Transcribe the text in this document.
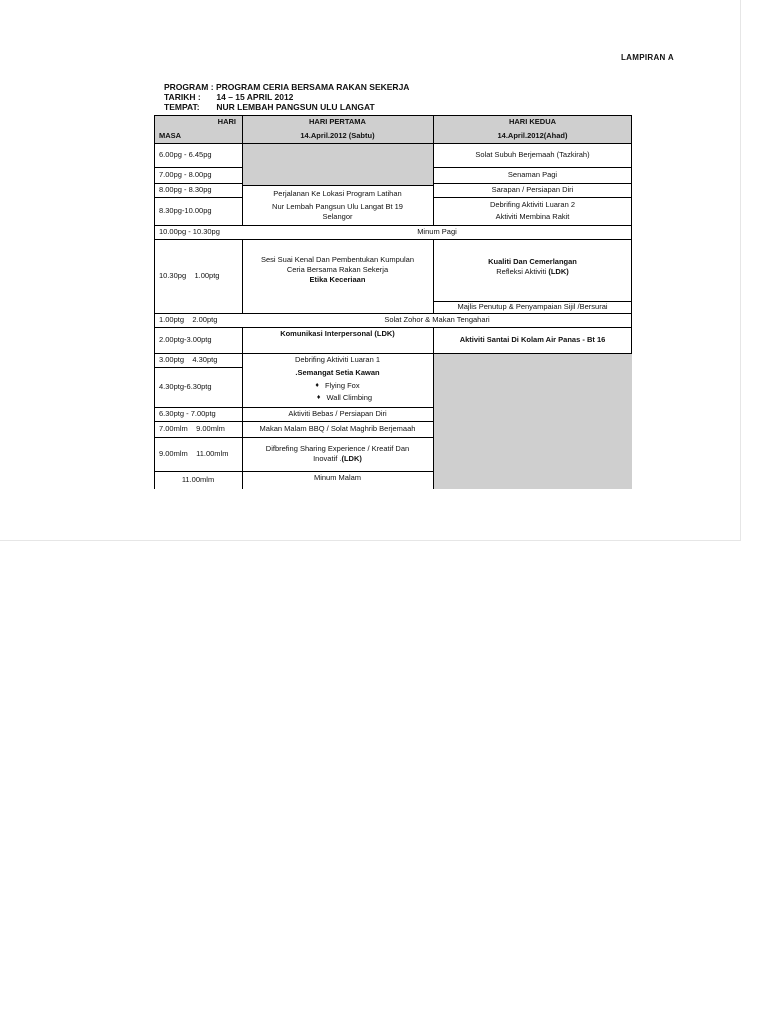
LAMPIRAN A
PROGRAM : PROGRAM CERIA BERSAMA RAKAN SEKERJA
TARIKH : 14 – 15 APRIL 2012
TEMPAT: NUR LEMBAH PANGSUN ULU LANGAT
HARI
MASA
HARI PERTAMA
14.April.2012 (Sabtu)
HARI KEDUA
14.April.2012(Ahad)
6.00pg - 6.45pg
7.00pg - 8.00pg
8.00pg - 8.30pg
8.30pg-10.00pg
10.00pg - 10.30pg
10.30pg    1.00ptg
1.00ptg    2.00ptg
2.00ptg-3.00ptg
3.00ptg    4.30ptg
4.30ptg-6.30ptg
6.30ptg - 7.00ptg
7.00mlm    9.00mlm
9.00mlm    11.00mlm
11.00mlm
Perjalanan Ke Lokasi Program Latihan
Nur Lembah Pangsun Ulu Langat Bt 19
Selangor
Sesi Suai Kenal Dan Pembentukan Kumpulan
Ceria Bersama Rakan Sekerja
Etika Keceriaan
Komunikasi Interpersonal (LDK)
Debrifing Aktiviti Luaran 1
.Semangat Setia Kawan
♦ Flying Fox
♦ Wall Climbing
Aktiviti Bebas / Persiapan Diri
Makan Malam BBQ / Solat Maghrib Berjemaah
Difbrefing Sharing Experience / Kreatif Dan
Inovatif .(LDK)
Minum Malam
Solat Subuh Berjemaah (Tazkirah)
Senaman Pagi
Sarapan / Persiapan Diri
Debrifing Aktiviti Luaran 2
Aktiviti Membina Rakit
Kualiti Dan Cemerlangan
Refleksi Aktiviti (LDK)
Majlis Penutup & Penyampaian Sijil /Bersurai
Aktiviti Santai Di Kolam Air Panas - Bt 16
Minum Pagi
Solat Zohor & Makan Tengahari
